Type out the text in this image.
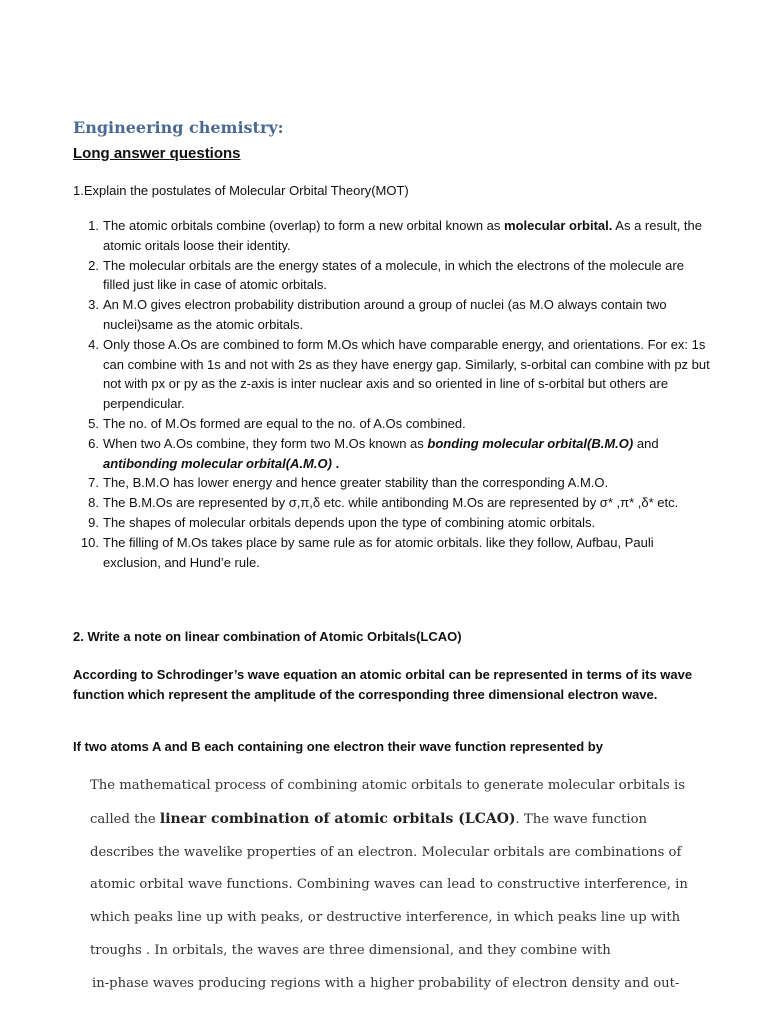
Engineering chemistry:
Long answer questions

1.Explain the postulates of Molecular Orbital Theory(MOT)

1. The atomic orbitals combine (overlap) to form a new orbital known as molecular orbital. As a result, the atomic oritals loose their identity.
2. The molecular orbitals are the energy states of a molecule, in which the electrons of the molecule are filled just like in case of atomic orbitals.
3. An M.O gives electron probability distribution around a group of nuclei (as M.O always contain two nuclei)same as the atomic orbitals.
4. Only those A.Os are combined to form M.Os which have comparable energy, and orientations. For ex: 1s can combine with 1s and not with 2s as they have energy gap. Similarly, s-orbital can combine with pz but not with px or py as the z-axis is inter nuclear axis and so oriented in line of s-orbital but others are perpendicular.
5. The no. of M.Os formed are equal to the no. of A.Os combined.
6. When two A.Os combine, they form two M.Os known as bonding molecular orbital(B.M.O) and antibonding molecular orbital(A.M.O) .
7. The, B.M.O has lower energy and hence greater stability than the corresponding A.M.O.
8. The B.M.Os are represented by σ,π,δ etc. while antibonding M.Os are represented by σ* ,π* ,δ* etc.
9. The shapes of molecular orbitals depends upon the type of combining atomic orbitals.
10. The filling of M.Os takes place by same rule as for atomic orbitals. like they follow, Aufbau, Pauli exclusion, and Hund’e rule.

2. Write a note on linear combination of Atomic Orbitals(LCAO)

According to Schrodinger’s wave equation an atomic orbital can be represented in terms of its wave function which represent the amplitude of the corresponding three dimensional electron wave.

If two atoms A and B each containing one electron their wave function represented by

The mathematical process of combining atomic orbitals to generate molecular orbitals is
called the linear combination of atomic orbitals (LCAO). The wave function
describes the wavelike properties of an electron. Molecular orbitals are combinations of
atomic orbital wave functions. Combining waves can lead to constructive interference, in
which peaks line up with peaks, or destructive interference, in which peaks line up with
troughs . In orbitals, the waves are three dimensional, and they combine with
in-phase waves producing regions with a higher probability of electron density and out-
